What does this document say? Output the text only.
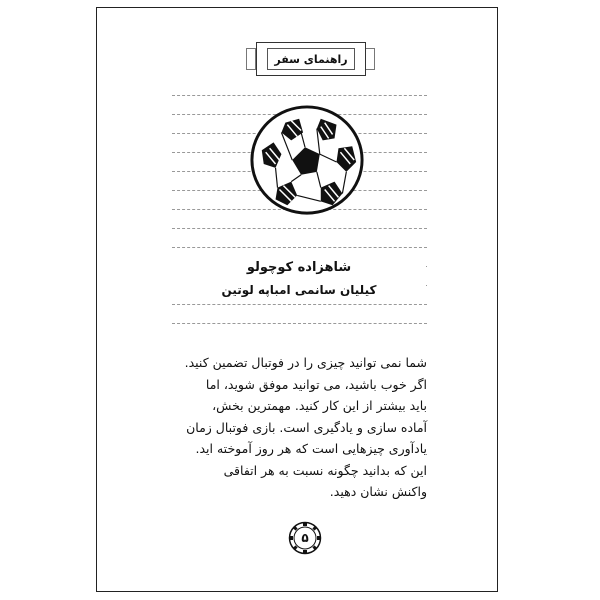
راهنمای سفر
شاهزاده کوچولو
کیلیان سانمی امباپه لوتین
شما نمی توانید چیزی را در فوتبال تضمین کنید.
اگر خوب باشید، می توانید موفق شوید، اما
باید بیشتر از این کار کنید. مهمترین بخش،
آماده سازی و یادگیری است. بازی فوتبال زمان
یادآوری چیزهایی است که هر روز آموخته اید.
این که بدانید چگونه نسبت به هر اتفاقی
واکنش نشان دهید.
۵
